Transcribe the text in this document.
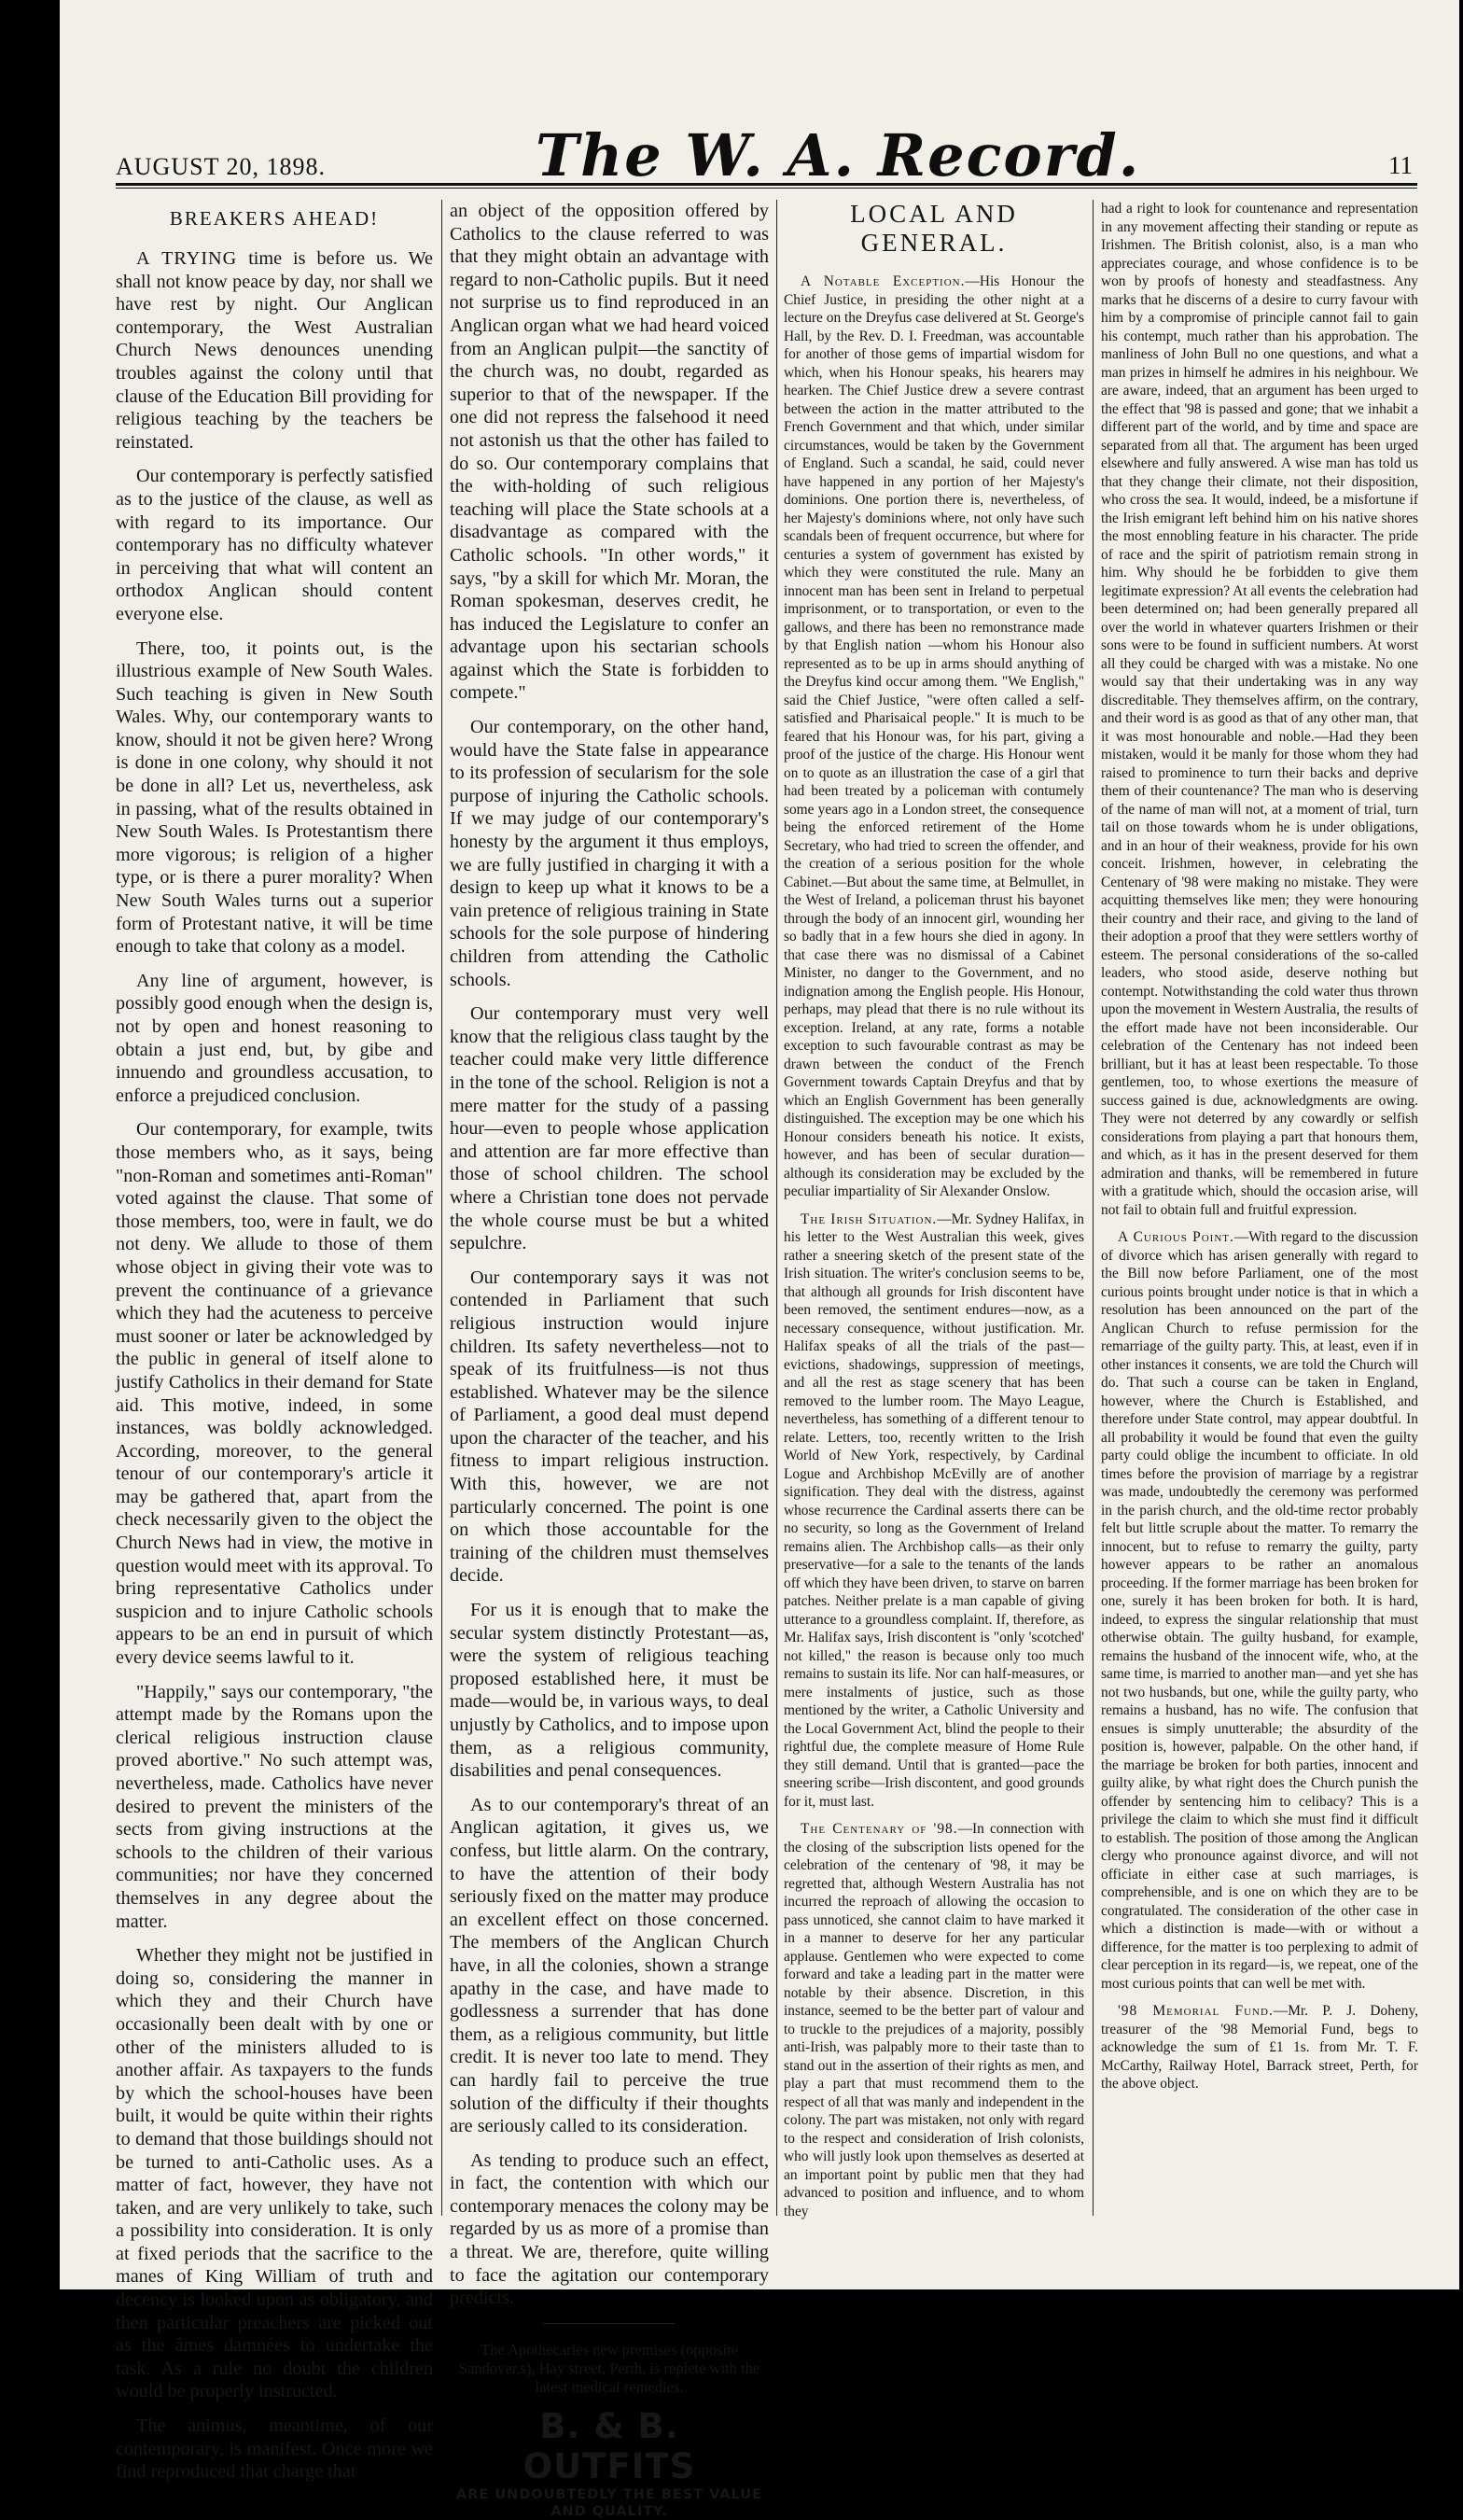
AUGUST 20, 1898.	The W. A. Record.	11
BREAKERS AHEAD!

A TRYING time is before us. We shall not know peace by day, nor shall we have rest by night. Our Anglican contemporary, the West Australian Church News denounces unending troubles against the colony until that clause of the Education Bill providing for religious teaching by the teachers be reinstated.

Our contemporary is perfectly satisfied as to the justice of the clause, as well as with regard to its importance. Our contemporary has no difficulty whatever in perceiving that what will content an orthodox Anglican should content everyone else.

There, too, it points out, is the illustrious example of New South Wales. Such teaching is given in New South Wales. Why, our contemporary wants to know, should it not be given here? Wrong is done in one colony, why should it not be done in all? Let us, nevertheless, ask in passing, what of the results obtained in New South Wales. Is Protestantism there more vigorous; is religion of a higher type, or is there a purer morality? When New South Wales turns out a superior form of Protestant native, it will be time enough to take that colony as a model.

Any line of argument, however, is possibly good enough when the design is, not by open and honest reasoning to obtain a just end, but, by gibe and innuendo and groundless accusation, to enforce a prejudiced conclusion.

Our contemporary, for example, twits those members who, as it says, being "non-Roman and sometimes anti-Roman" voted against the clause. That some of those members, too, were in fault, we do not deny. We allude to those of them whose object in giving their vote was to prevent the continuance of a grievance which they had the acuteness to perceive must sooner or later be acknowledged by the public in general of itself alone to justify Catholics in their demand for State aid. This motive, indeed, in some instances, was boldly acknowledged. According, moreover, to the general tenour of our contemporary's article it may be gathered that, apart from the check necessarily given to the object the Church News had in view, the motive in question would meet with its approval. To bring representative Catholics under suspicion and to injure Catholic schools appears to be an end in pursuit of which every device seems lawful to it.

"Happily," says our contemporary, "the attempt made by the Romans upon the clerical religious instruction clause proved abortive." No such attempt was, nevertheless, made. Catholics have never desired to prevent the ministers of the sects from giving instructions at the schools to the children of their various communities; nor have they concerned themselves in any degree about the matter.

Whether they might not be justified in doing so, considering the manner in which they and their Church have occasionally been dealt with by one or other of the ministers alluded to is another affair. As taxpayers to the funds by which the school-houses have been built, it would be quite within their rights to demand that those buildings should not be turned to anti-Catholic uses. As a matter of fact, however, they have not taken, and are very unlikely to take, such a possibility into consideration. It is only at fixed periods that the sacrifice to the manes of King William of truth and decency is looked upon as obligatory, and then particular preachers are picked out as the âmes damnées to undertake the task. As a rule no doubt the children would be properly instructed.

The animus, meantime, of our contemporary, is manifest. Once more we find reproduced that charge that

an object of the opposition offered by Catholics to the clause referred to was that they might obtain an advantage with regard to non-Catholic pupils. But it need not surprise us to find reproduced in an Anglican organ what we had heard voiced from an Anglican pulpit—the sanctity of the church was, no doubt, regarded as superior to that of the newspaper. If the one did not repress the falsehood it need not astonish us that the other has failed to do so. Our contemporary complains that the with-holding of such religious teaching will place the State schools at a disadvantage as compared with the Catholic schools. "In other words," it says, "by a skill for which Mr. Moran, the Roman spokesman, deserves credit, he has induced the Legislature to confer an advantage upon his sectarian schools against which the State is forbidden to compete."

Our contemporary, on the other hand, would have the State false in appearance to its profession of secularism for the sole purpose of injuring the Catholic schools. If we may judge of our contemporary's honesty by the argument it thus employs, we are fully justified in charging it with a design to keep up what it knows to be a vain pretence of religious training in State schools for the sole purpose of hindering children from attending the Catholic schools.

Our contemporary must very well know that the religious class taught by the teacher could make very little difference in the tone of the school. Religion is not a mere matter for the study of a passing hour—even to people whose application and attention are far more effective than those of school children. The school where a Christian tone does not pervade the whole course must be but a whited sepulchre.

Our contemporary says it was not contended in Parliament that such religious instruction would injure children. Its safety nevertheless—not to speak of its fruitfulness—is not thus established. Whatever may be the silence of Parliament, a good deal must depend upon the character of the teacher, and his fitness to impart religious instruction. With this, however, we are not particularly concerned. The point is one on which those accountable for the training of the children must themselves decide.

For us it is enough that to make the secular system distinctly Protestant—as, were the system of religious teaching proposed established here, it must be made—would be, in various ways, to deal unjustly by Catholics, and to impose upon them, as a religious community, disabilities and penal consequences.

As to our contemporary's threat of an Anglican agitation, it gives us, we confess, but little alarm. On the contrary, to have the attention of their body seriously fixed on the matter may produce an excellent effect on those concerned. The members of the Anglican Church have, in all the colonies, shown a strange apathy in the case, and have made to godlessness a surrender that has done them, as a religious community, but little credit. It is never too late to mend. They can hardly fail to perceive the true solution of the difficulty if their thoughts are seriously called to its consideration.

As tending to produce such an effect, in fact, the contention with which our contemporary menaces the colony may be regarded by us as more of a promise than a threat. We are, therefore, quite willing to face the agitation our contemporary predicts.

The Apothecaries new premises (opposite Sandover,s), Hay street, Perth, is replete with the latest medical remedies.
B. & B. OUTFITS
ARE UNDOUBTEDLY THE BEST VALUE AND QUALITY.
LOCAL AND GENERAL.

A Notable Exception.—His Honour the Chief Justice, in presiding the other night at a lecture on the Dreyfus case delivered at St. George's Hall, by the Rev. D. I. Freedman, was accountable for another of those gems of impartial wisdom for which, when his Honour speaks, his hearers may hearken. The Chief Justice drew a severe contrast between the action in the matter attributed to the French Government and that which, under similar circumstances, would be taken by the Government of England. Such a scandal, he said, could never have happened in any portion of her Majesty's dominions. One portion there is, nevertheless, of her Majesty's dominions where, not only have such scandals been of frequent occurrence, but where for centuries a system of government has existed by which they were constituted the rule. Many an innocent man has been sent in Ireland to perpetual imprisonment, or to transportation, or even to the gallows, and there has been no remonstrance made by that English nation —whom his Honour also represented as to be up in arms should anything of the Dreyfus kind occur among them. "We English," said the Chief Justice, "were often called a self-satisfied and Pharisaical people." It is much to be feared that his Honour was, for his part, giving a proof of the justice of the charge. His Honour went on to quote as an illustration the case of a girl that had been treated by a policeman with contumely some years ago in a London street, the consequence being the enforced retirement of the Home Secretary, who had tried to screen the offender, and the creation of a serious position for the whole Cabinet.—But about the same time, at Belmullet, in the West of Ireland, a policeman thrust his bayonet through the body of an innocent girl, wounding her so badly that in a few hours she died in agony. In that case there was no dismissal of a Cabinet Minister, no danger to the Government, and no indignation among the English people. His Honour, perhaps, may plead that there is no rule without its exception. Ireland, at any rate, forms a notable exception to such favourable contrast as may be drawn between the conduct of the French Government towards Captain Dreyfus and that by which an English Government has been generally distinguished. The exception may be one which his Honour considers beneath his notice. It exists, however, and has been of secular duration—although its consideration may be excluded by the peculiar impartiality of Sir Alexander Onslow.

The Irish Situation.—Mr. Sydney Halifax, in his letter to the West Australian this week, gives rather a sneering sketch of the present state of the Irish situation. The writer's conclusion seems to be, that although all grounds for Irish discontent have been removed, the sentiment endures—now, as a necessary consequence, without justification. Mr. Halifax speaks of all the trials of the past—evictions, shadowings, suppression of meetings, and all the rest as stage scenery that has been removed to the lumber room. The Mayo League, nevertheless, has something of a different tenour to relate. Letters, too, recently written to the Irish World of New York, respectively, by Cardinal Logue and Archbishop McEvilly are of another signification. They deal with the distress, against whose recurrence the Cardinal asserts there can be no security, so long as the Government of Ireland remains alien. The Archbishop calls—as their only preservative—for a sale to the tenants of the lands off which they have been driven, to starve on barren patches. Neither prelate is a man capable of giving utterance to a groundless complaint. If, therefore, as Mr. Halifax says, Irish discontent is "only 'scotched' not killed," the reason is because only too much remains to sustain its life. Nor can half-measures, or mere instalments of justice, such as those mentioned by the writer, a Catholic University and the Local Government Act, blind the people to their rightful due, the complete measure of Home Rule they still demand. Until that is granted—pace the sneering scribe—Irish discontent, and good grounds for it, must last.

The Centenary of '98.—In connection with the closing of the subscription lists opened for the celebration of the centenary of '98, it may be regretted that, although Western Australia has not incurred the reproach of allowing the occasion to pass unnoticed, she cannot claim to have marked it in a manner to deserve for her any particular applause. Gentlemen who were expected to come forward and take a leading part in the matter were notable by their absence. Discretion, in this instance, seemed to be the better part of valour and to truckle to the prejudices of a majority, possibly anti-Irish, was palpably more to their taste than to stand out in the assertion of their rights as men, and play a part that must recommend them to the respect of all that was manly and independent in the colony. The part was mistaken, not only with regard to the respect and consideration of Irish colonists, who will justly look upon themselves as deserted at an important point by public men that they had advanced to position and influence, and to whom they

had a right to look for countenance and representation in any movement affecting their standing or repute as Irishmen. The British colonist, also, is a man who appreciates courage, and whose confidence is to be won by proofs of honesty and steadfastness. Any marks that he discerns of a desire to curry favour with him by a compromise of principle cannot fail to gain his contempt, much rather than his approbation. The manliness of John Bull no one questions, and what a man prizes in himself he admires in his neighbour. We are aware, indeed, that an argument has been urged to the effect that '98 is passed and gone; that we inhabit a different part of the world, and by time and space are separated from all that. The argument has been urged elsewhere and fully answered. A wise man has told us that they change their climate, not their disposition, who cross the sea. It would, indeed, be a misfortune if the Irish emigrant left behind him on his native shores the most ennobling feature in his character. The pride of race and the spirit of patriotism remain strong in him. Why should he be forbidden to give them legitimate expression? At all events the celebration had been determined on; had been generally prepared all over the world in whatever quarters Irishmen or their sons were to be found in sufficient numbers. At worst all they could be charged with was a mistake. No one would say that their undertaking was in any way discreditable. They themselves affirm, on the contrary, and their word is as good as that of any other man, that it was most honourable and noble.—Had they been mistaken, would it be manly for those whom they had raised to prominence to turn their backs and deprive them of their countenance? The man who is deserving of the name of man will not, at a moment of trial, turn tail on those towards whom he is under obligations, and in an hour of their weakness, provide for his own conceit. Irishmen, however, in celebrating the Centenary of '98 were making no mistake. They were acquitting themselves like men; they were honouring their country and their race, and giving to the land of their adoption a proof that they were settlers worthy of esteem. The personal considerations of the so-called leaders, who stood aside, deserve nothing but contempt. Notwithstanding the cold water thus thrown upon the movement in Western Australia, the results of the effort made have not been inconsiderable. Our celebration of the Centenary has not indeed been brilliant, but it has at least been respectable. To those gentlemen, too, to whose exertions the measure of success gained is due, acknowledgments are owing. They were not deterred by any cowardly or selfish considerations from playing a part that honours them, and which, as it has in the present deserved for them admiration and thanks, will be remembered in future with a gratitude which, should the occasion arise, will not fail to obtain full and fruitful expression.

A Curious Point.—With regard to the discussion of divorce which has arisen generally with regard to the Bill now before Parliament, one of the most curious points brought under notice is that in which a resolution has been announced on the part of the Anglican Church to refuse permission for the remarriage of the guilty party. This, at least, even if in other instances it consents, we are told the Church will do. That such a course can be taken in England, however, where the Church is Established, and therefore under State control, may appear doubtful. In all probability it would be found that even the guilty party could oblige the incumbent to officiate. In old times before the provision of marriage by a registrar was made, undoubtedly the ceremony was performed in the parish church, and the old-time rector probably felt but little scruple about the matter. To remarry the innocent, but to refuse to remarry the guilty, party however appears to be rather an anomalous proceeding. If the former marriage has been broken for one, surely it has been broken for both. It is hard, indeed, to express the singular relationship that must otherwise obtain. The guilty husband, for example, remains the husband of the innocent wife, who, at the same time, is married to another man—and yet she has not two husbands, but one, while the guilty party, who remains a husband, has no wife. The confusion that ensues is simply unutterable; the absurdity of the position is, however, palpable. On the other hand, if the marriage be broken for both parties, innocent and guilty alike, by what right does the Church punish the offender by sentencing him to celibacy? This is a privilege the claim to which she must find it difficult to establish. The position of those among the Anglican clergy who pronounce against divorce, and will not officiate in either case at such marriages, is comprehensible, and is one on which they are to be congratulated. The consideration of the other case in which a distinction is made—with or without a difference, for the matter is too perplexing to admit of clear perception in its regard—is, we repeat, one of the most curious points that can well be met with.

'98 Memorial Fund.—Mr. P. J. Doheny, treasurer of the '98 Memorial Fund, begs to acknowledge the sum of £1 1s. from Mr. T. F. McCarthy, Railway Hotel, Barrack street, Perth, for the above object.
